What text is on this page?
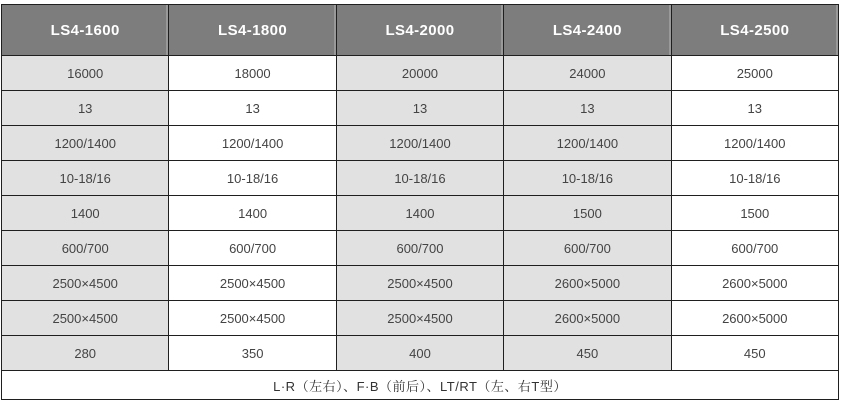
LS4-1600	LS4-1800	LS4-2000	LS4-2400	LS4-2500
16000	18000	20000	24000	25000
13	13	13	13	13
1200/1400	1200/1400	1200/1400	1200/1400	1200/1400
10-18/16	10-18/16	10-18/16	10-18/16	10-18/16
1400	1400	1400	1500	1500
600/700	600/700	600/700	600/700	600/700
2500×4500	2500×4500	2500×4500	2600×5000	2600×5000
2500×4500	2500×4500	2500×4500	2600×5000	2600×5000
280	350	400	450	450
L·R（左右）、F·B（前后）、LT/RT（左、右T型）				
